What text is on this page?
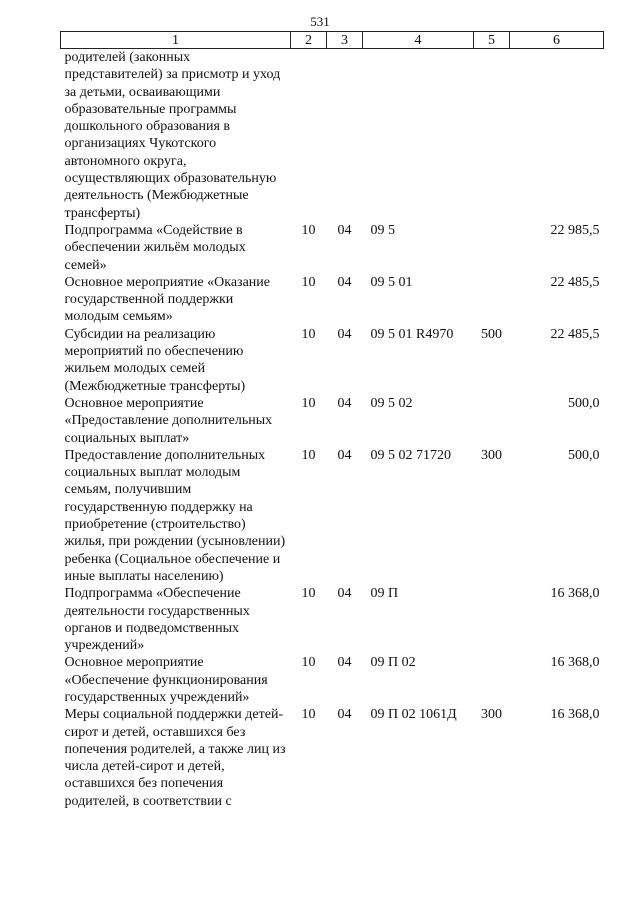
531
1	2	3	4	5	6
родителей (законных представителей) за присмотр и уход за детьми, осваивающими образовательные программы дошкольного образования в организациях Чукотского автономного округа, осуществляющих образовательную деятельность (Межбюджетные трансферты)					
Подпрограмма «Содействие в обеспечении жильём молодых семей»	10	04	09 5		22 985,5
Основное мероприятие «Оказание государственной поддержки молодым семьям»	10	04	09 5 01		22 485,5
Субсидии на реализацию мероприятий по обеспечению жильем молодых семей (Межбюджетные трансферты)	10	04	09 5 01 R4970	500	22 485,5
Основное мероприятие «Предоставление дополнительных социальных выплат»	10	04	09 5 02		500,0
Предоставление дополнительных социальных выплат молодым семьям, получившим государственную поддержку на приобретение (строительство) жилья, при рождении (усыновлении) ребенка (Социальное обеспечение и иные выплаты населению)	10	04	09 5 02 71720	300	500,0
Подпрограмма «Обеспечение деятельности государственных органов и подведомственных учреждений»	10	04	09 П		16 368,0
Основное мероприятие «Обеспечение функционирования государственных учреждений»	10	04	09 П 02		16 368,0
Меры социальной поддержки детей-сирот и детей, оставшихся без попечения родителей, а также лиц из числа детей-сирот и детей, оставшихся без попечения родителей, в соответствии с	10	04	09 П 02 1061Д	300	16 368,0
